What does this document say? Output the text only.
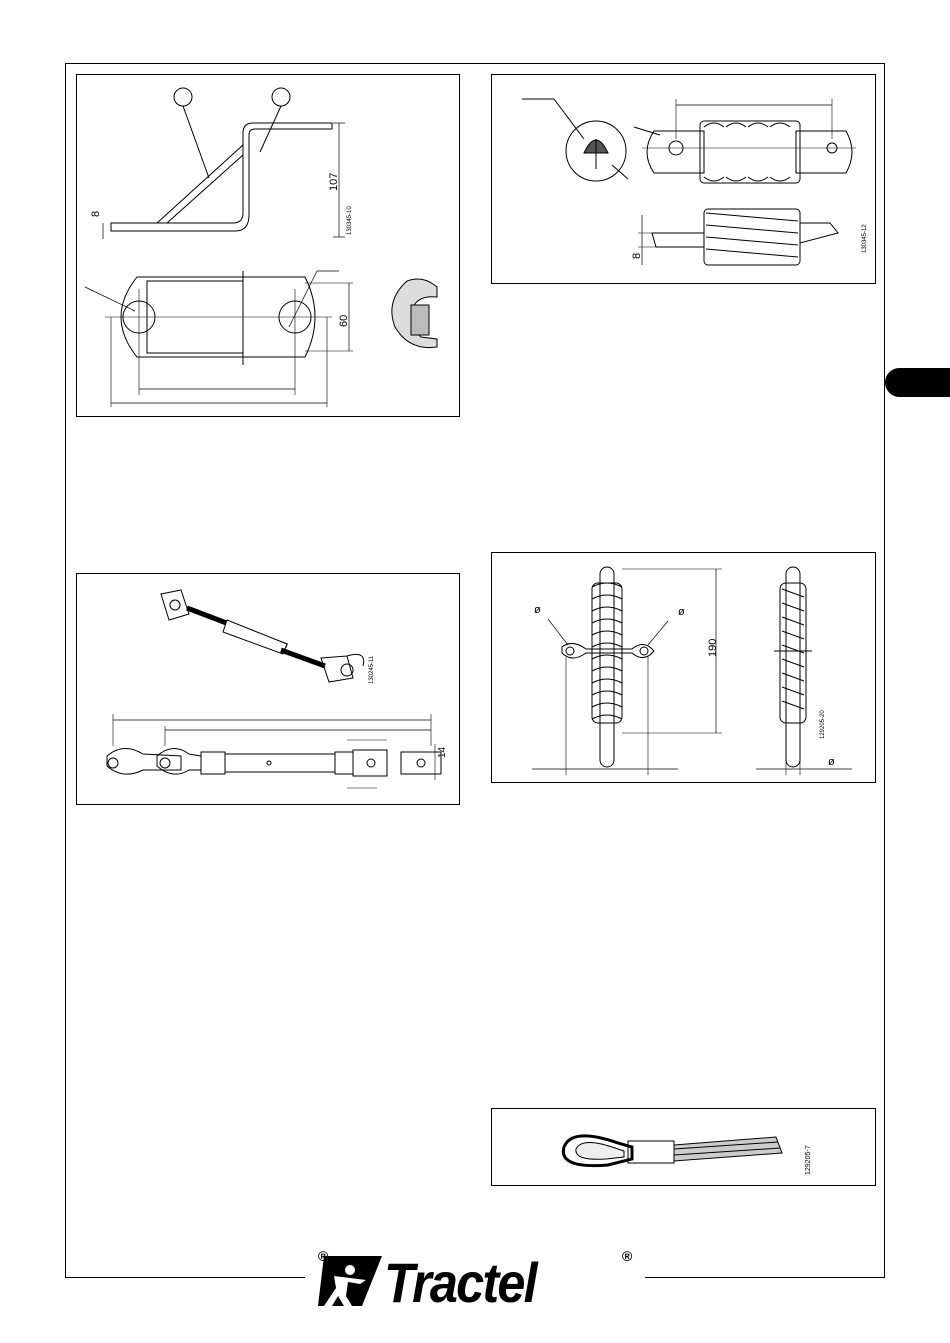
107
8
60
130345-10
8
130345-12
14
130245-11
190
ø	ø
ø
129205-20
129205-7
® Tractel	®
